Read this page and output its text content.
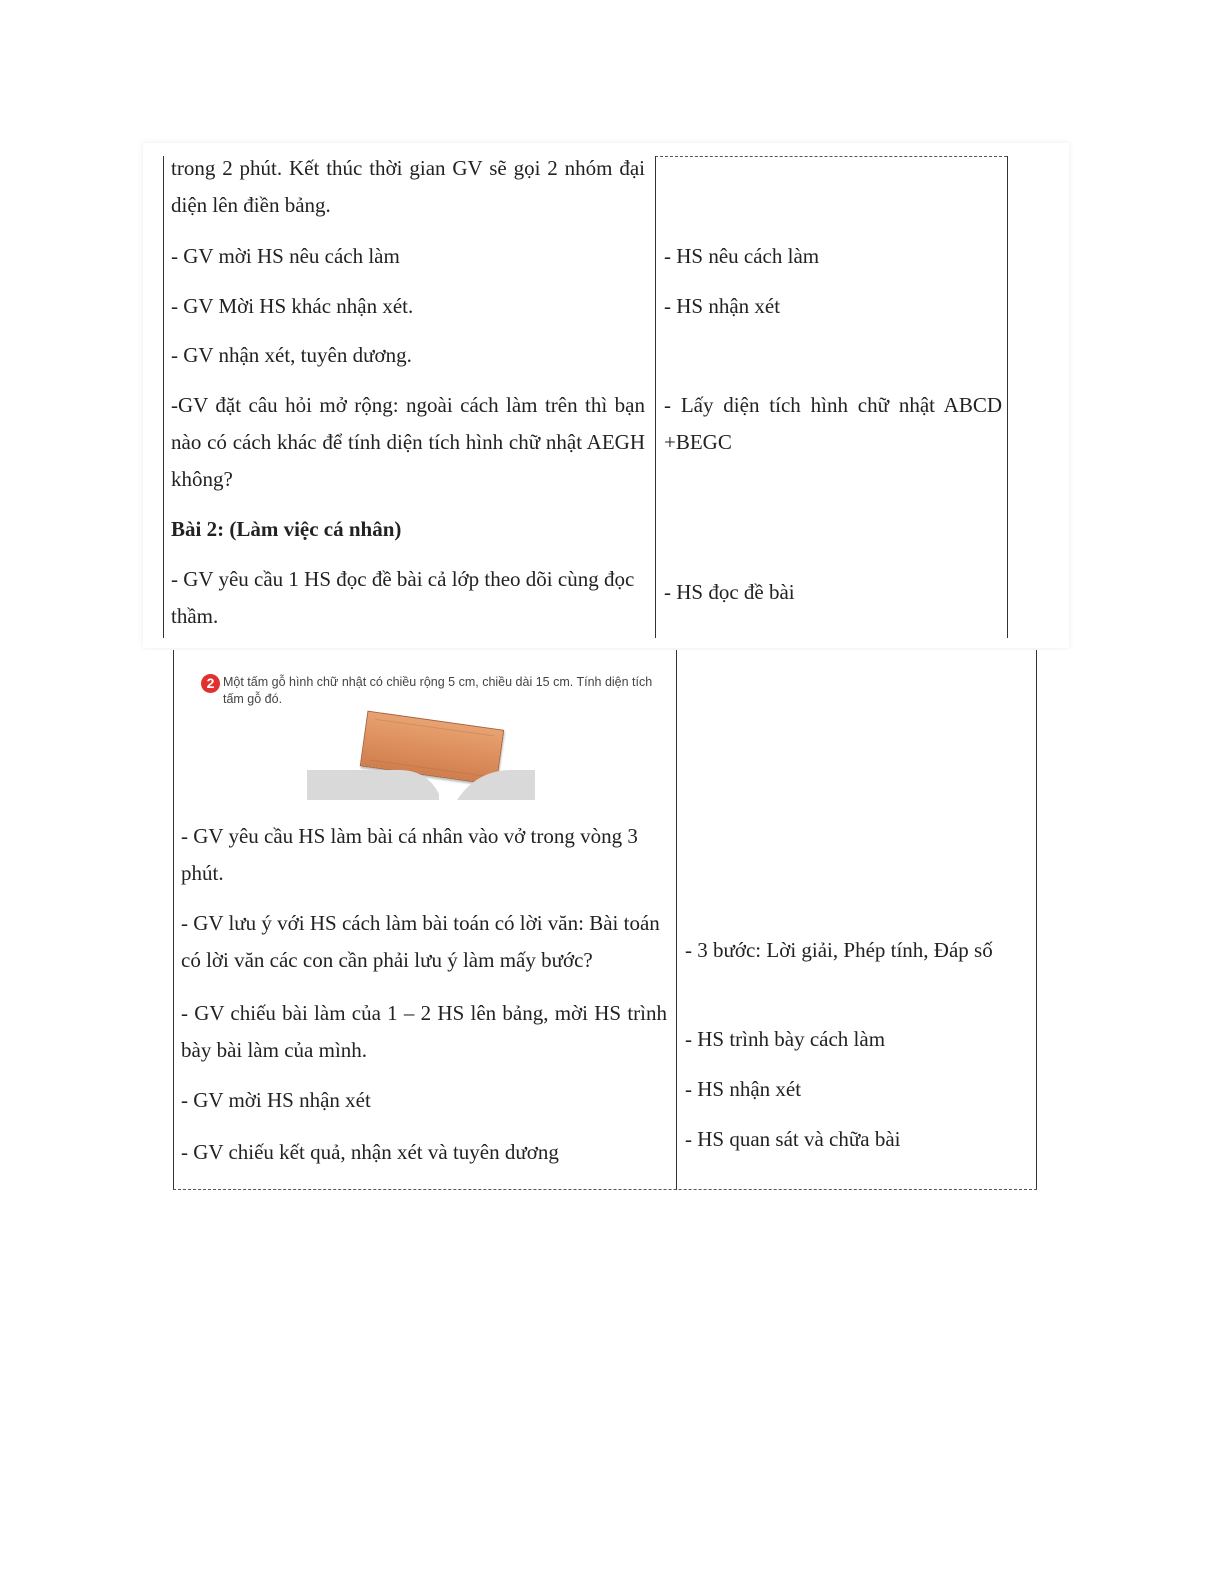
trong 2 phút. Kết thúc thời gian GV sẽ gọi 2 nhóm đại diện lên điền bảng.

- GV mời HS nêu cách làm

- GV Mời HS khác nhận xét.

- GV nhận xét, tuyên dương.

-GV đặt câu hỏi mở rộng: ngoài cách làm trên thì bạn nào có cách khác để tính diện tích hình chữ nhật AEGH không?

Bài 2: (Làm việc cá nhân)

- GV yêu cầu 1 HS đọc đề bài cả lớp theo dõi cùng đọc thầm.

- HS nêu cách làm

- HS nhận xét

- Lấy diện tích hình chữ nhật ABCD +BEGC

- HS đọc đề bài

2 Một tấm gỗ hình chữ nhật có chiều rộng 5 cm, chiều dài 15 cm. Tính diện tích tấm gỗ đó.

- GV yêu cầu HS làm bài cá nhân vào vở trong vòng 3 phút.

- GV lưu ý với HS cách làm bài toán có lời văn: Bài toán có lời văn các con cần phải lưu ý làm mấy bước?

- GV chiếu bài làm của 1 – 2 HS lên bảng, mời HS trình bày bài làm của mình.

- GV mời HS nhận xét

- GV chiếu kết quả, nhận xét và tuyên dương

- 3 bước: Lời giải, Phép tính, Đáp số

- HS trình bày cách làm

- HS nhận xét

- HS quan sát và chữa bài
